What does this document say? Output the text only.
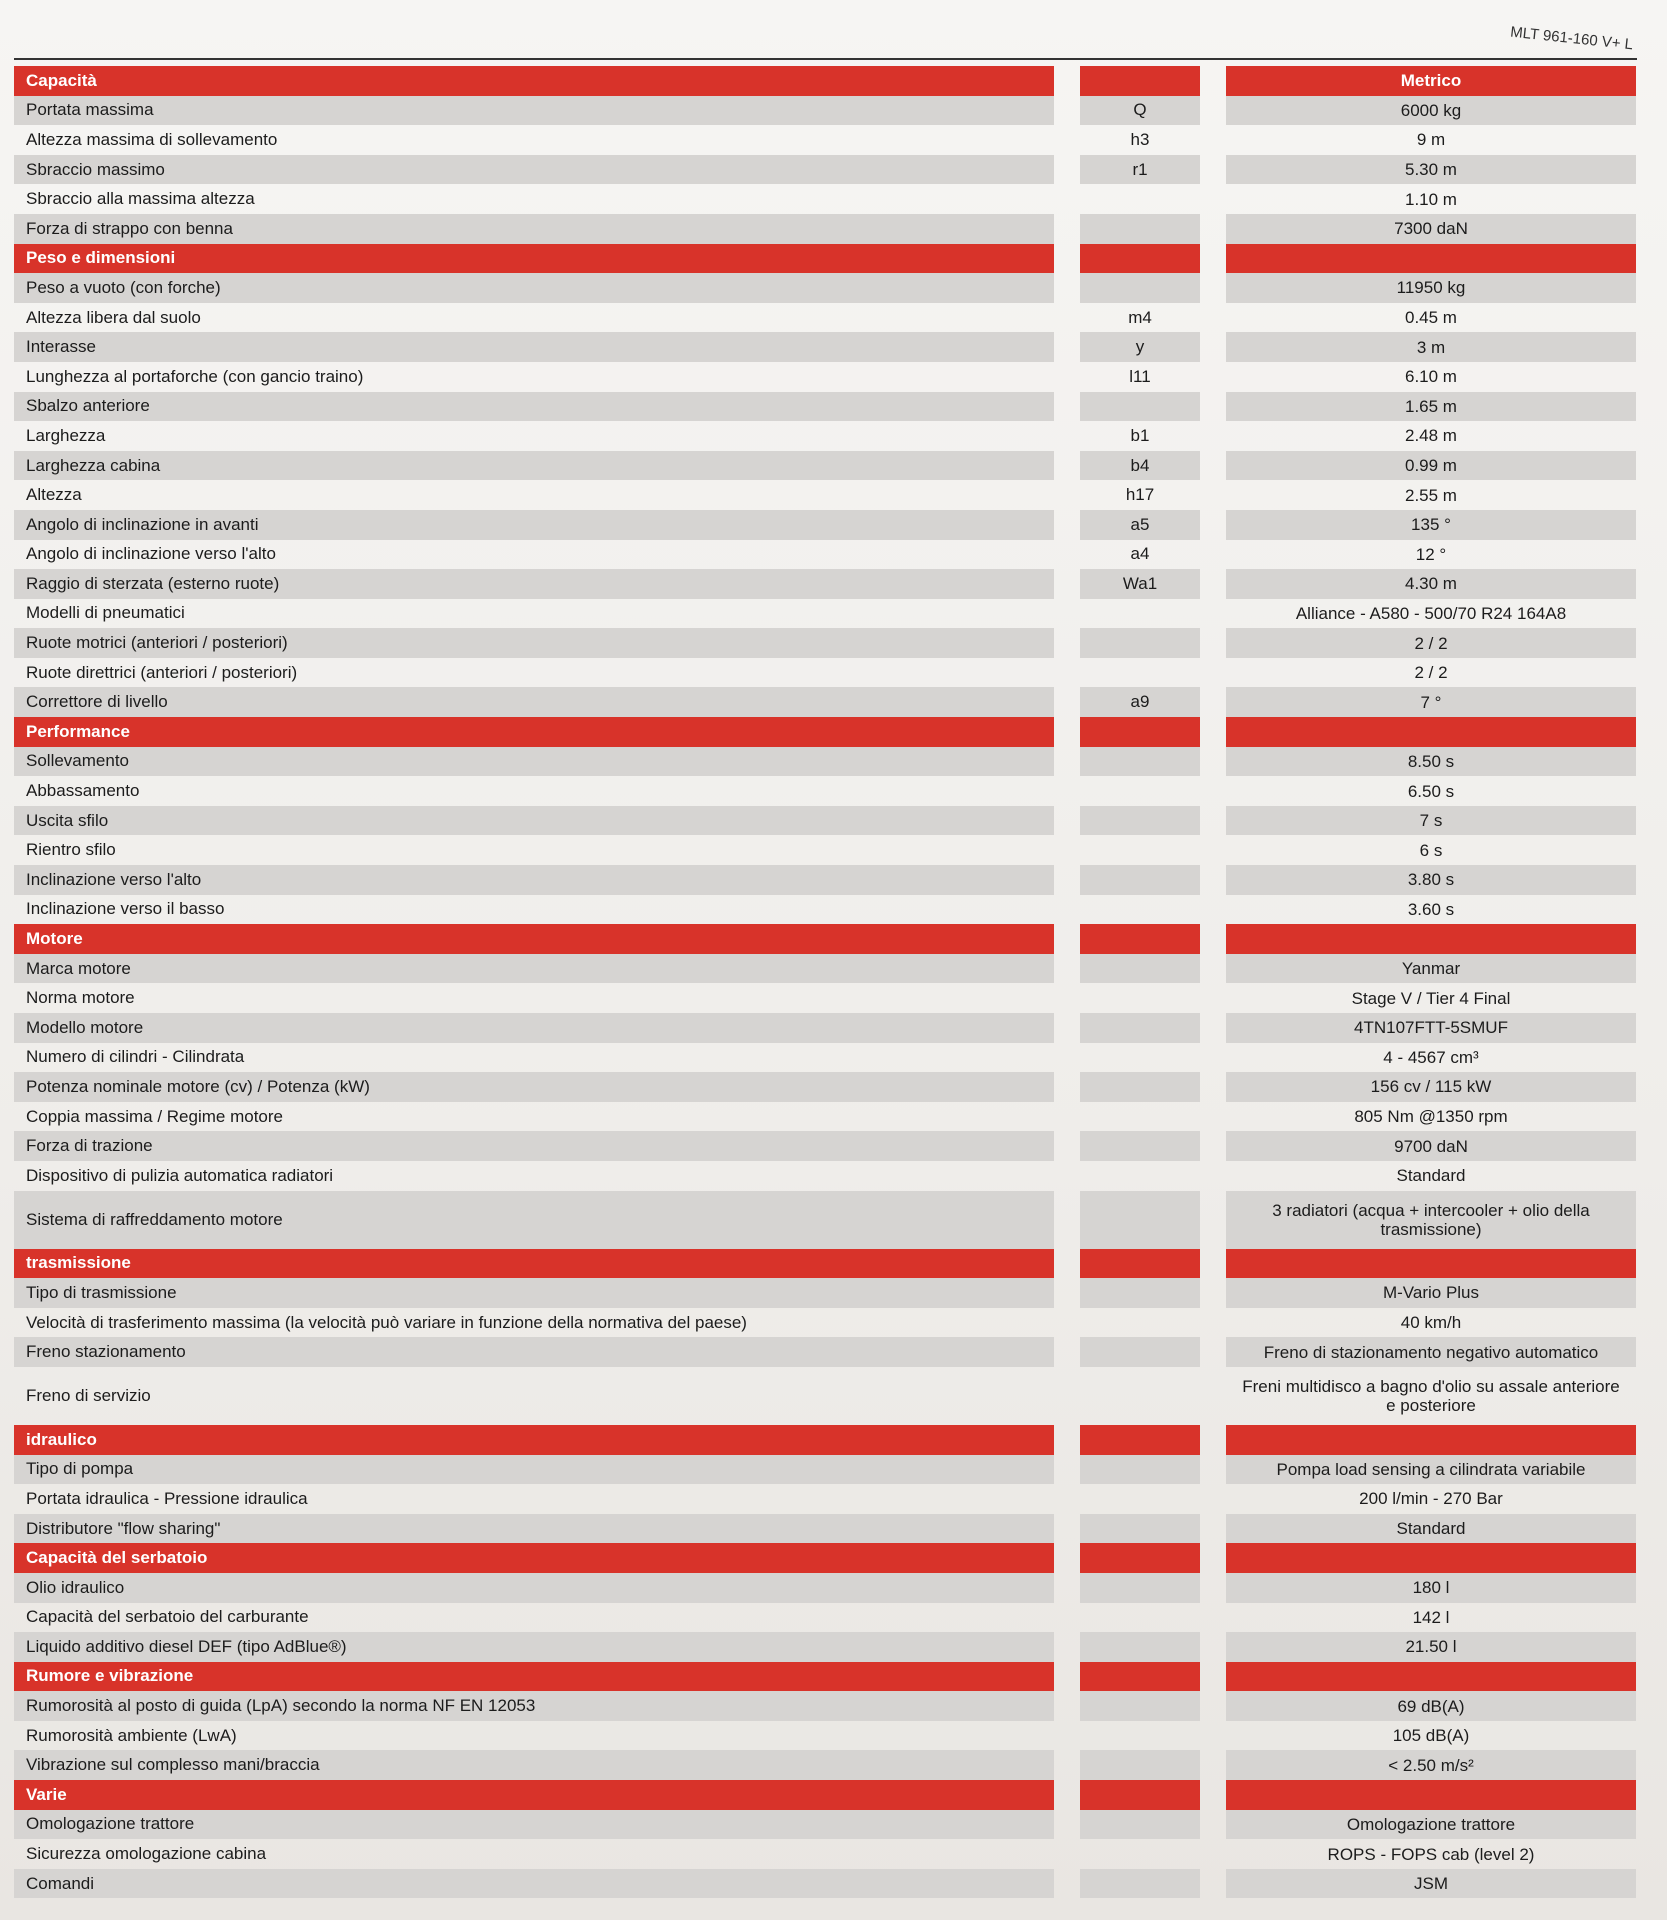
MLT 961-160 V+ L
Capacità	Metrico
Portata massima	Q	6000 kg
Altezza massima di sollevamento	h3	9 m
Sbraccio massimo	r1	5.30 m
Sbraccio alla massima altezza	1.10 m
Forza di strappo con benna	7300 daN
Peso e dimensioni
Peso a vuoto (con forche)	11950 kg
Altezza libera dal suolo	m4	0.45 m
Interasse	y	3 m
Lunghezza al portaforche (con gancio traino)	l11	6.10 m
Sbalzo anteriore	1.65 m
Larghezza	b1	2.48 m
Larghezza cabina	b4	0.99 m
Altezza	h17	2.55 m
Angolo di inclinazione in avanti	a5	135 °
Angolo di inclinazione verso l'alto	a4	12 °
Raggio di sterzata (esterno ruote)	Wa1	4.30 m
Modelli di pneumatici	Alliance - A580 - 500/70 R24 164A8
Ruote motrici (anteriori / posteriori)	2 / 2
Ruote direttrici (anteriori / posteriori)	2 / 2
Correttore di livello	a9	7 °
Performance
Sollevamento	8.50 s
Abbassamento	6.50 s
Uscita sfilo	7 s
Rientro sfilo	6 s
Inclinazione verso l'alto	3.80 s
Inclinazione verso il basso	3.60 s
Motore
Marca motore	Yanmar
Norma motore	Stage V / Tier 4 Final
Modello motore	4TN107FTT-5SMUF
Numero di cilindri - Cilindrata	4 - 4567 cm³
Potenza nominale motore (cv) / Potenza (kW)	156 cv / 115 kW
Coppia massima / Regime motore	805 Nm @1350 rpm
Forza di trazione	9700 daN
Dispositivo di pulizia automatica radiatori	Standard
Sistema di raffreddamento motore	3 radiatori (acqua + intercooler + olio della trasmissione)
trasmissione
Tipo di trasmissione	M-Vario Plus
Velocità di trasferimento massima (la velocità può variare in funzione della normativa del paese)	40 km/h
Freno stazionamento	Freno di stazionamento negativo automatico
Freno di servizio	Freni multidisco a bagno d'olio su assale anteriore e posteriore
idraulico
Tipo di pompa	Pompa load sensing a cilindrata variabile
Portata idraulica - Pressione idraulica	200 l/min - 270 Bar
Distributore "flow sharing"	Standard
Capacità del serbatoio
Olio idraulico	180 l
Capacità del serbatoio del carburante	142 l
Liquido additivo diesel DEF (tipo AdBlue®)	21.50 l
Rumore e vibrazione
Rumorosità al posto di guida (LpA) secondo la norma NF EN 12053	69 dB(A)
Rumorosità ambiente (LwA)	105 dB(A)
Vibrazione sul complesso mani/braccia	< 2.50 m/s²
Varie
Omologazione trattore	Omologazione trattore
Sicurezza omologazione cabina	ROPS - FOPS cab (level 2)
Comandi	JSM
